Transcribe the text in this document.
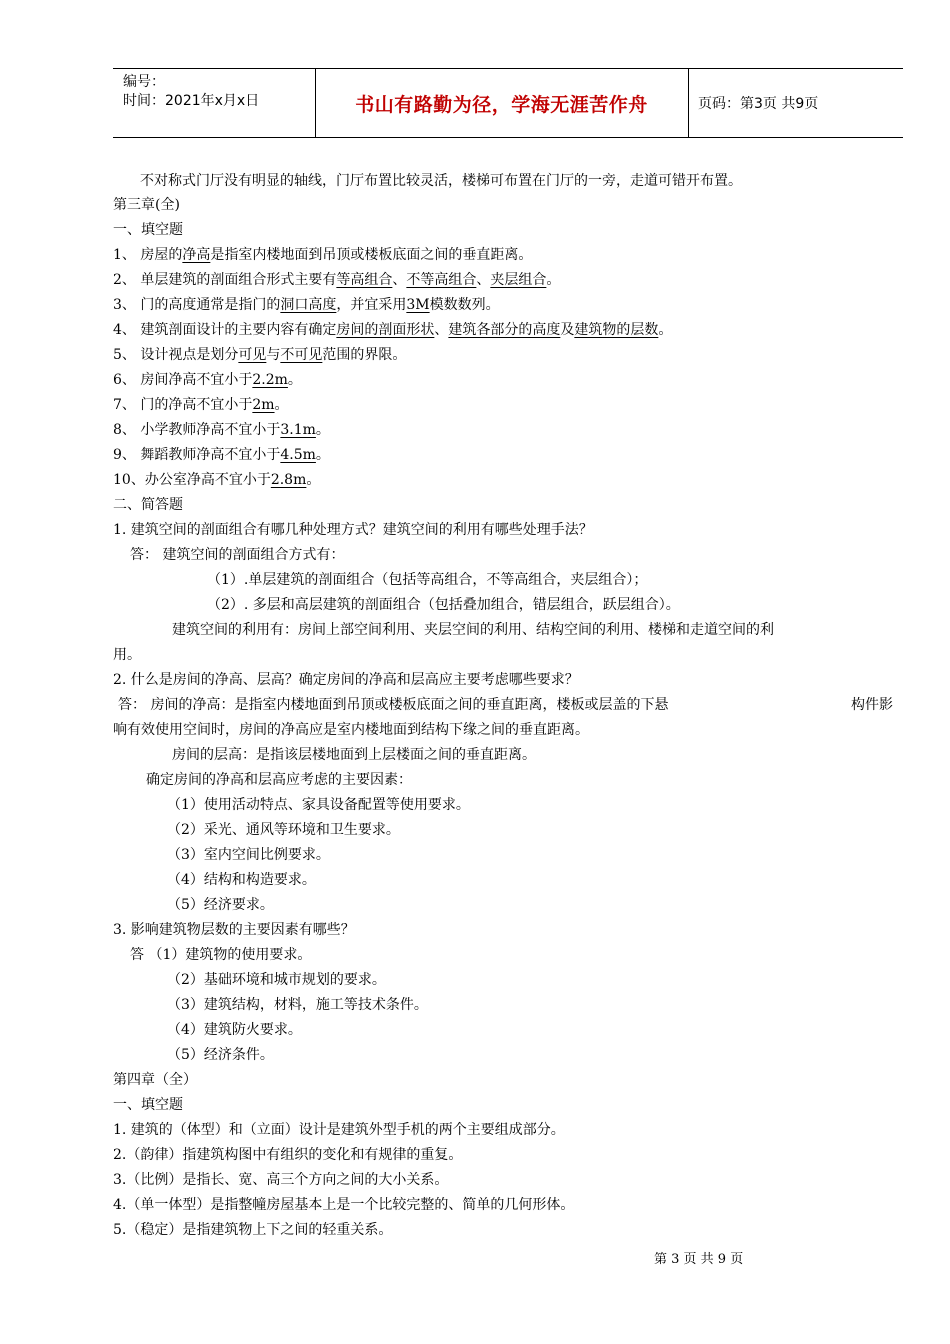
编号：
时间：2021年x月x日	书山有路勤为径，学海无涯苦作舟	页码：第3页 共9页
不对称式门厅没有明显的轴线，门厅布置比较灵活，楼梯可布置在门厅的一旁，走道可错开布置。
第三章(全)
一、填空题
1、 房屋的净高是指室内楼地面到吊顶或楼板底面之间的垂直距离。
2、 单层建筑的剖面组合形式主要有等高组合、不等高组合、夹层组合。
3、 门的高度通常是指门的洞口高度，并宜采用3M模数数列。
4、 建筑剖面设计的主要内容有确定房间的剖面形状、建筑各部分的高度及建筑物的层数。
5、 设计视点是划分可见与不可见范围的界限。
6、 房间净高不宜小于2.2m。
7、 门的净高不宜小于2m。
8、 小学教师净高不宜小于3.1m。
9、 舞蹈教师净高不宜小于4.5m。
10、办公室净高不宜小于2.8m。
二、简答题
1. 建筑空间的剖面组合有哪几种处理方式？建筑空间的利用有哪些处理手法？
答： 建筑空间的剖面组合方式有：
（1）.单层建筑的剖面组合（包括等高组合，不等高组合，夹层组合）；
（2）. 多层和高层建筑的剖面组合（包括叠加组合，错层组合，跃层组合）。
建筑空间的利用有：房间上部空间利用、夹层空间的利用、结构空间的利用、楼梯和走道空间的利
用。
2. 什么是房间的净高、层高？确定房间的净高和层高应主要考虑哪些要求？
答： 房间的净高：是指室内楼地面到吊顶或楼板底面之间的垂直距离，楼板或层盖的下悬	构件影
响有效使用空间时，房间的净高应是室内楼地面到结构下缘之间的垂直距离。
房间的层高：是指该层楼地面到上层楼面之间的垂直距离。
确定房间的净高和层高应考虑的主要因素：
（1）使用活动特点、家具设备配置等使用要求。
（2）采光、通风等环境和卫生要求。
（3）室内空间比例要求。
（4）结构和构造要求。
（5）经济要求。
3. 影响建筑物层数的主要因素有哪些？
答 （1）建筑物的使用要求。
（2）基础环境和城市规划的要求。
（3）建筑结构，材料，施工等技术条件。
（4）建筑防火要求。
（5）经济条件。
第四章（全）
一、填空题
1. 建筑的（体型）和（立面）设计是建筑外型手机的两个主要组成部分。
2.（韵律）指建筑构图中有组织的变化和有规律的重复。
3.（比例）是指长、宽、高三个方向之间的大小关系。
4.（单一体型）是指整幢房屋基本上是一个比较完整的、简单的几何形体。
5.（稳定）是指建筑物上下之间的轻重关系。
第 3 页 共 9 页
